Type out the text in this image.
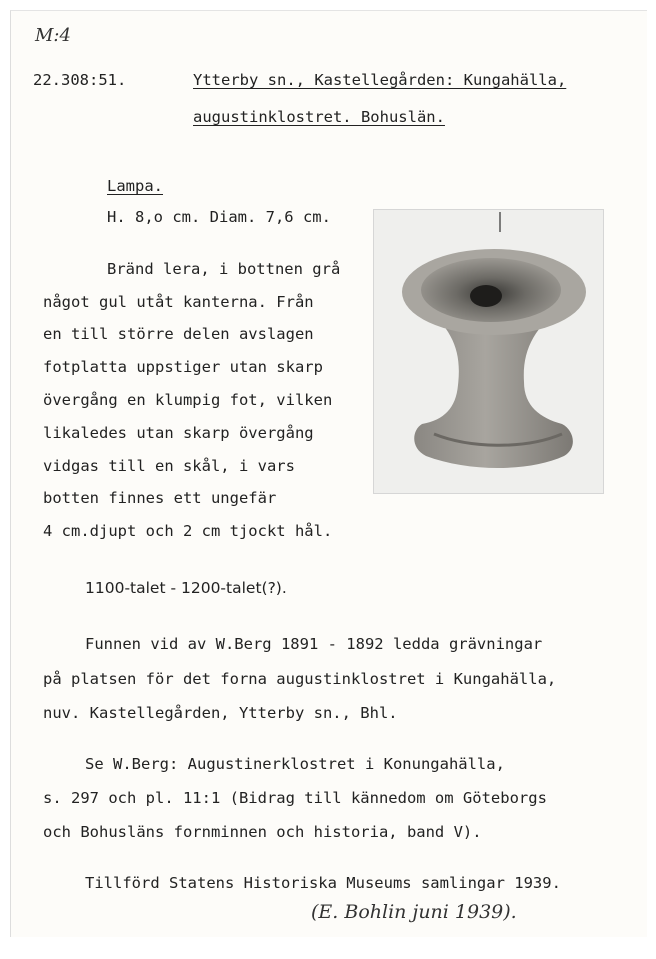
M:4
22.308:51.	Ytterby sn., Kastellegården: Kungahälla,
augustinklostret. Bohuslän.
Lampa.
H. 8,o cm. Diam. 7,6 cm.
Bränd lera, i bottnen grå
något gul utåt kanterna. Från
en till större delen avslagen
fotplatta uppstiger utan skarp
övergång en klumpig fot, vilken
likaledes utan skarp övergång
vidgas till en skål, i vars
botten finnes ett ungefär
4 cm.djupt och 2 cm tjockt hål.
1100-talet - 1200-talet(?).
Funnen vid av W.Berg 1891 - 1892 ledda grävningar
på platsen för det forna augustinklostret i Kungahälla,
nuv. Kastellegården, Ytterby sn., Bhl.
Se W.Berg: Augustinerklostret i Konungahälla,
s. 297 och pl. 11:1 (Bidrag till kännedom om Göteborgs
och Bohusläns fornminnen och historia, band V).
Tillförd Statens Historiska Museums samlingar 1939.
(E. Bohlin juni 1939).
